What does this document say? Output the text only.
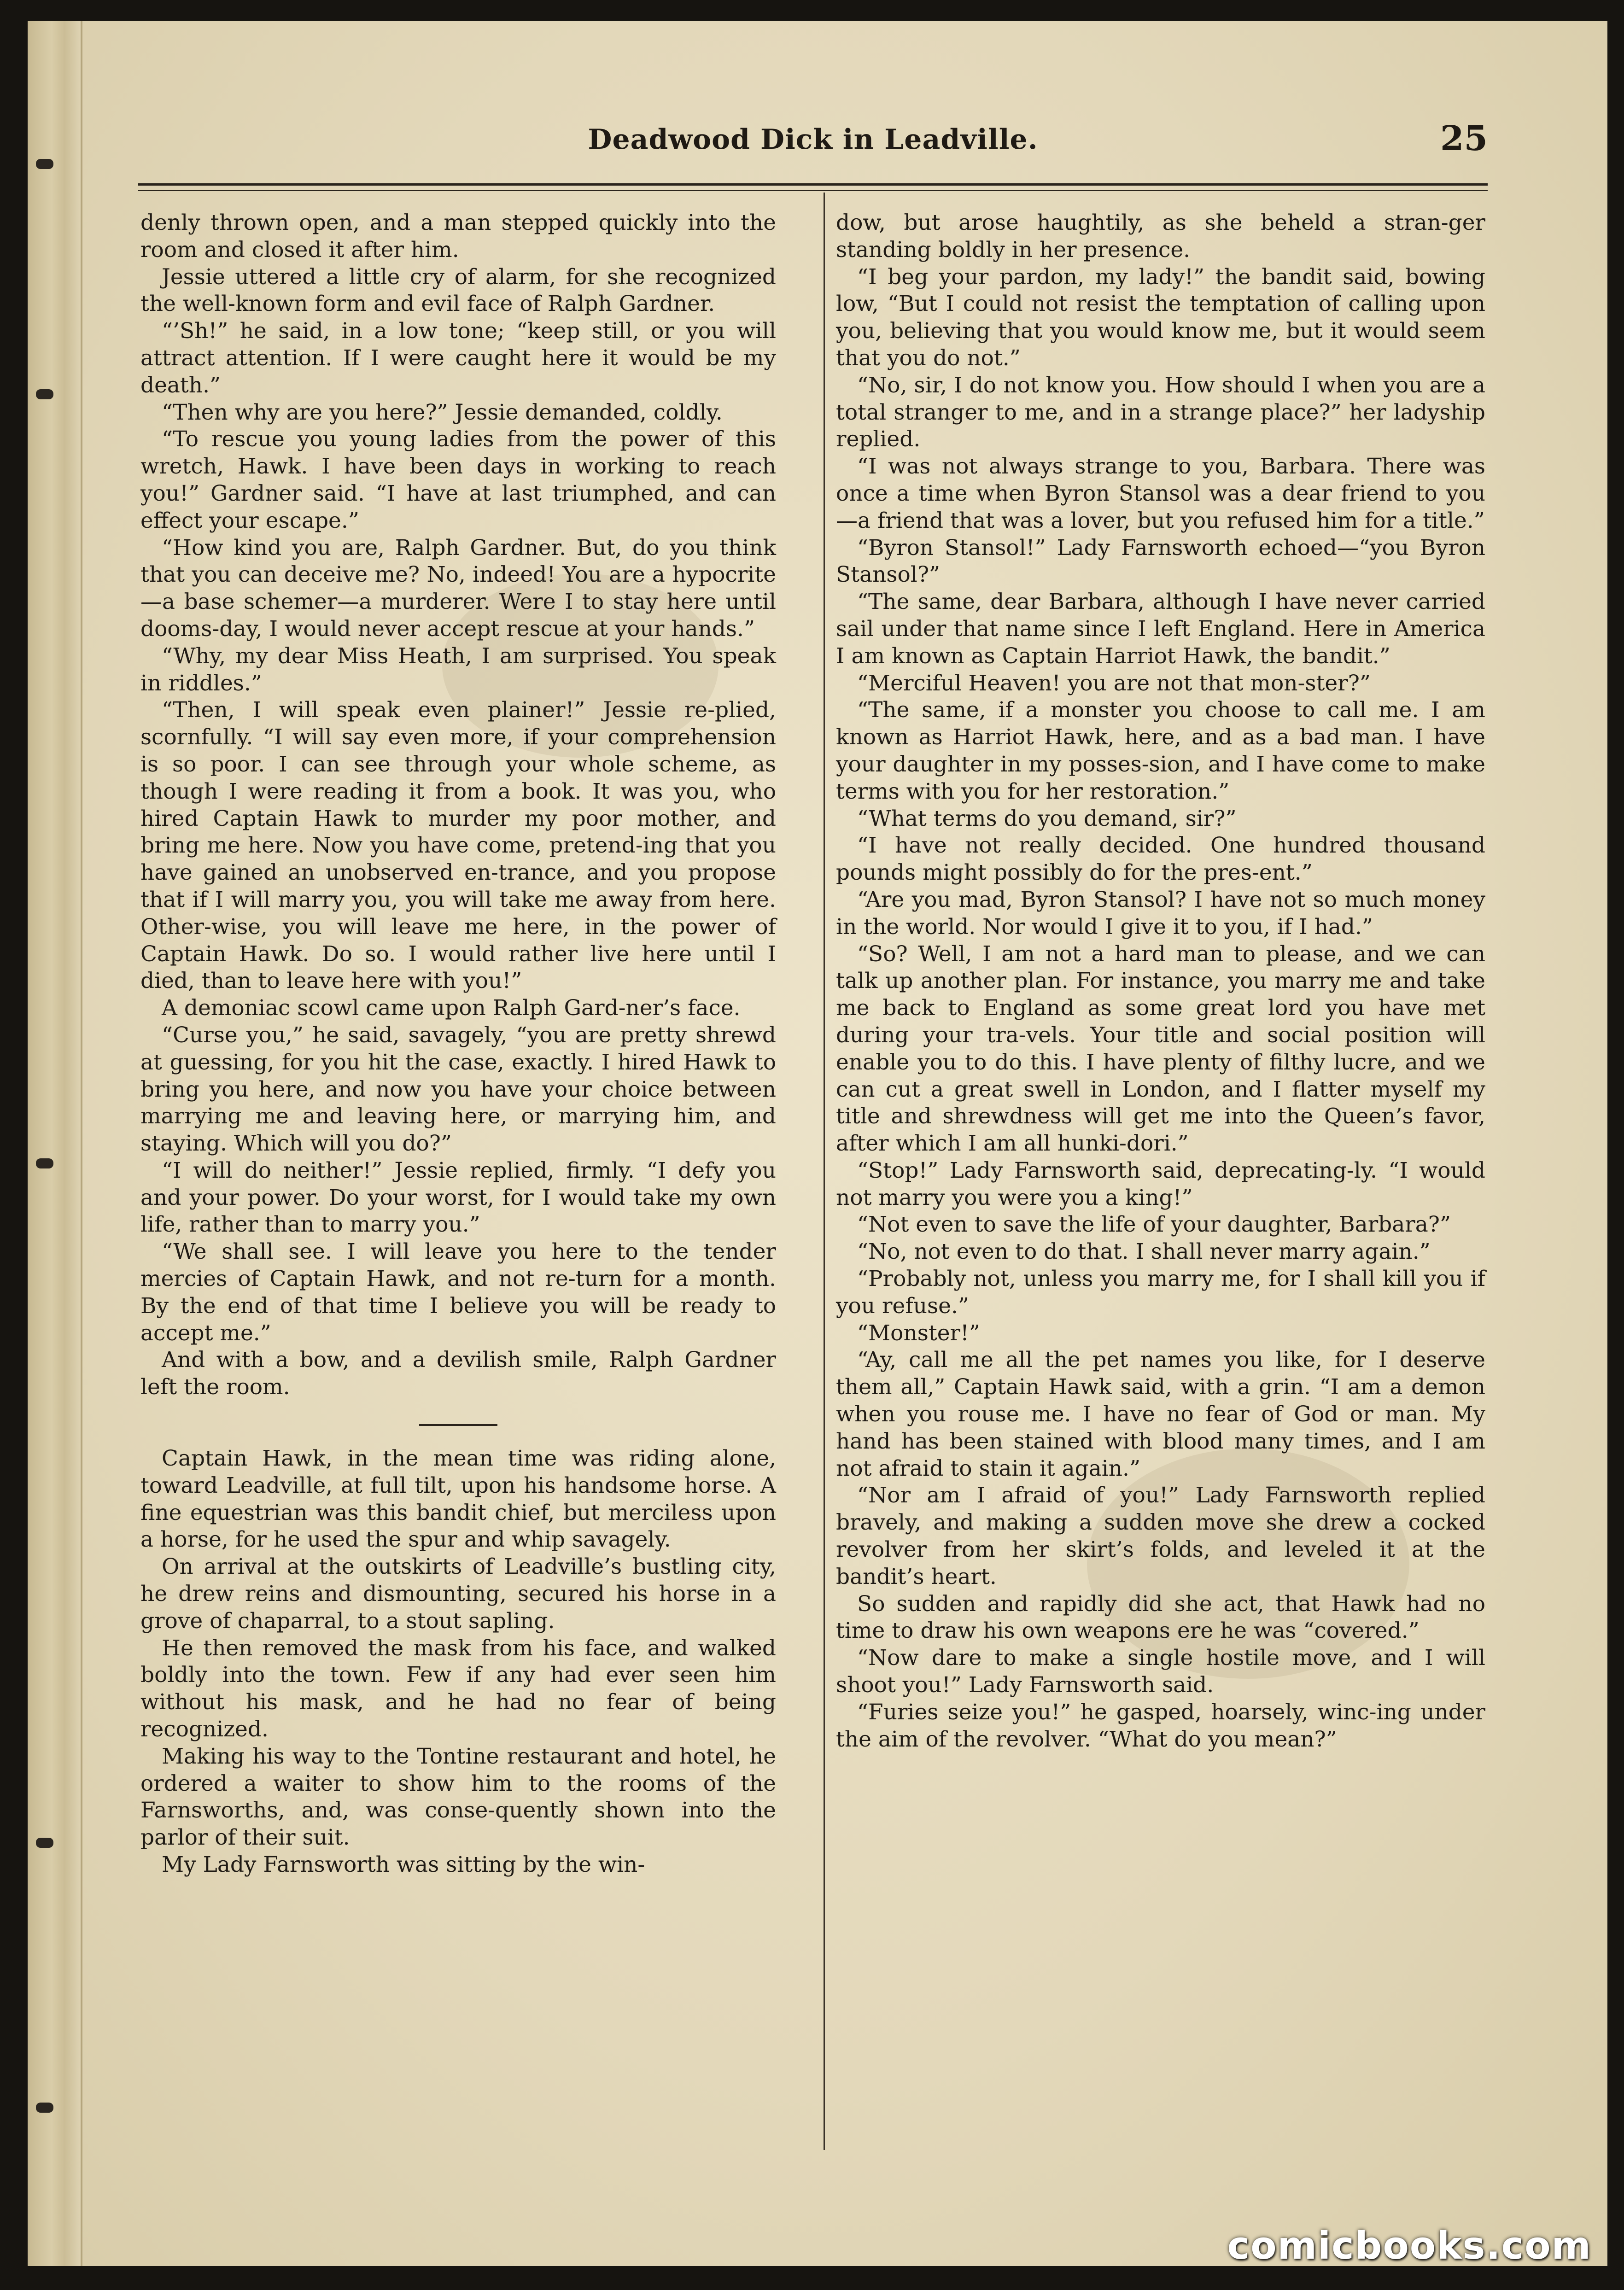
Deadwood Dick in Leadville.	25

denly thrown open, and a man stepped quickly into the room and closed it after him.

Jessie uttered a little cry of alarm, for she recognized the well-known form and evil face of Ralph Gardner.

“’Sh!” he said, in a low tone; “keep still, or you will attract attention. If I were caught here it would be my death.”

“Then why are you here?” Jessie demanded, coldly.

“To rescue you young ladies from the power of this wretch, Hawk. I have been days in working to reach you!” Gardner said. “I have at last triumphed, and can effect your escape.”

“How kind you are, Ralph Gardner. But, do you think that you can deceive me? No, indeed! You are a hypocrite—a base schemer—a murderer. Were I to stay here until dooms-day, I would never accept rescue at your hands.”

“Why, my dear Miss Heath, I am surprised. You speak in riddles.”

“Then, I will speak even plainer!” Jessie re-plied, scornfully. “I will say even more, if your comprehension is so poor. I can see through your whole scheme, as though I were reading it from a book. It was you, who hired Captain Hawk to murder my poor mother, and bring me here. Now you have come, pretend-ing that you have gained an unobserved en-trance, and you propose that if I will marry you, you will take me away from here. Other-wise, you will leave me here, in the power of Captain Hawk. Do so. I would rather live here until I died, than to leave here with you!”

A demoniac scowl came upon Ralph Gard-ner’s face.

“Curse you,” he said, savagely, “you are pretty shrewd at guessing, for you hit the case, exactly. I hired Hawk to bring you here, and now you have your choice between marrying me and leaving here, or marrying him, and staying. Which will you do?”

“I will do neither!” Jessie replied, firmly. “I defy you and your power. Do your worst, for I would take my own life, rather than to marry you.”

“We shall see. I will leave you here to the tender mercies of Captain Hawk, and not re-turn for a month. By the end of that time I believe you will be ready to accept me.”

And with a bow, and a devilish smile, Ralph Gardner left the room.

Captain Hawk, in the mean time was riding alone, toward Leadville, at full tilt, upon his handsome horse. A fine equestrian was this bandit chief, but merciless upon a horse, for he used the spur and whip savagely.

On arrival at the outskirts of Leadville’s bustling city, he drew reins and dismounting, secured his horse in a grove of chaparral, to a stout sapling.

He then removed the mask from his face, and walked boldly into the town. Few if any had ever seen him without his mask, and he had no fear of being recognized.

Making his way to the Tontine restaurant and hotel, he ordered a waiter to show him to the rooms of the Farnsworths, and, was conse-quently shown into the parlor of their suit.

My Lady Farnsworth was sitting by the win-

dow, but arose haughtily, as she beheld a stran-ger standing boldly in her presence.

“I beg your pardon, my lady!” the bandit said, bowing low, “But I could not resist the temptation of calling upon you, believing that you would know me, but it would seem that you do not.”

“No, sir, I do not know you. How should I when you are a total stranger to me, and in a strange place?” her ladyship replied.

“I was not always strange to you, Barbara. There was once a time when Byron Stansol was a dear friend to you—a friend that was a lover, but you refused him for a title.”

“Byron Stansol!” Lady Farnsworth echoed—“you Byron Stansol?”

“The same, dear Barbara, although I have never carried sail under that name since I left England. Here in America I am known as Captain Harriot Hawk, the bandit.”

“Merciful Heaven! you are not that mon-ster?”

“The same, if a monster you choose to call me. I am known as Harriot Hawk, here, and as a bad man. I have your daughter in my posses-sion, and I have come to make terms with you for her restoration.”

“What terms do you demand, sir?”

“I have not really decided. One hundred thousand pounds might possibly do for the pres-ent.”

“Are you mad, Byron Stansol? I have not so much money in the world. Nor would I give it to you, if I had.”

“So? Well, I am not a hard man to please, and we can talk up another plan. For instance, you marry me and take me back to England as some great lord you have met during your tra-vels. Your title and social position will enable you to do this. I have plenty of filthy lucre, and we can cut a great swell in London, and I flatter myself my title and shrewdness will get me into the Queen’s favor, after which I am all hunki-dori.”

“Stop!” Lady Farnsworth said, deprecating-ly. “I would not marry you were you a king!”

“Not even to save the life of your daughter, Barbara?”

“No, not even to do that. I shall never marry again.”

“Probably not, unless you marry me, for I shall kill you if you refuse.”

“Monster!”

“Ay, call me all the pet names you like, for I deserve them all,” Captain Hawk said, with a grin. “I am a demon when you rouse me. I have no fear of God or man. My hand has been stained with blood many times, and I am not afraid to stain it again.”

“Nor am I afraid of you!” Lady Farnsworth replied bravely, and making a sudden move she drew a cocked revolver from her skirt’s folds, and leveled it at the bandit’s heart.

So sudden and rapidly did she act, that Hawk had no time to draw his own weapons ere he was “covered.”

“Now dare to make a single hostile move, and I will shoot you!” Lady Farnsworth said.

“Furies seize you!” he gasped, hoarsely, winc-ing under the aim of the revolver. “What do you mean?”

comicbooks.com
